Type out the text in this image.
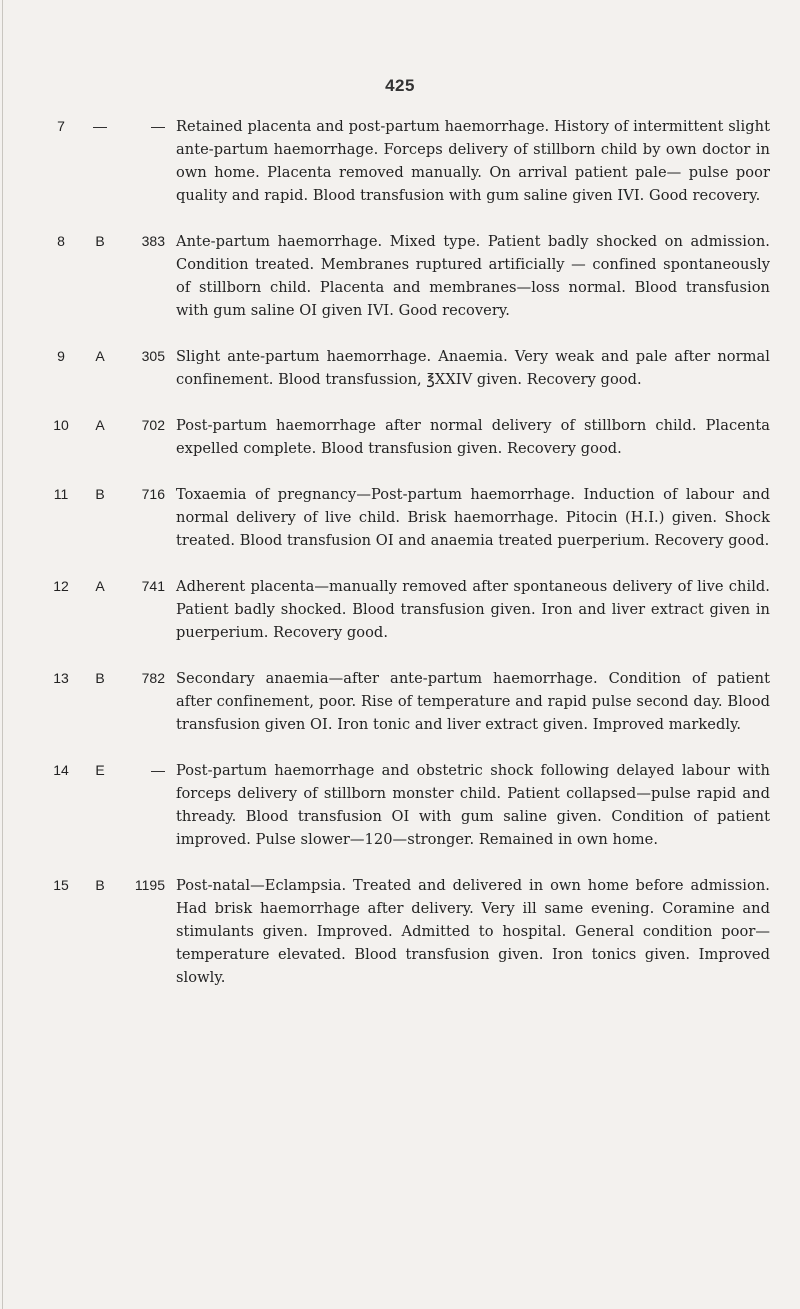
425
7	—	— Retained placenta and post-partum haemorrhage. History of intermittent slight ante-partum haemorrhage. Forceps delivery of stillborn child by own doctor in own home. Placenta removed manually. On arrival patient pale— pulse poor quality and rapid. Blood transfusion with gum saline given IVI. Good recovery.
8	B	383 Ante-partum haemorrhage. Mixed type. Patient badly shocked on admission. Condition treated. Membranes ruptured artificially — confined spontaneously of stillborn child. Placenta and membranes—loss normal. Blood transfusion with gum saline OI given IVI. Good recovery.
9	A	305 Slight ante-partum haemorrhage. Anaemia. Very weak and pale after normal confinement. Blood transfussion, ℥XXIV given. Recovery good.
10	A	702 Post-partum haemorrhage after normal delivery of stillborn child. Placenta expelled complete. Blood transfusion given. Recovery good.
11	B	716 Toxaemia of pregnancy—Post-partum haemorrhage. Induction of labour and normal delivery of live child. Brisk haemorrhage. Pitocin (H.I.) given. Shock treated. Blood transfusion OI and anaemia treated puerperium. Recovery good.
12	A	741 Adherent placenta—manually removed after spontaneous delivery of live child. Patient badly shocked. Blood transfusion given. Iron and liver extract given in puerperium. Recovery good.
13	B	782 Secondary anaemia—after ante-partum haemorrhage. Condition of patient after confinement, poor. Rise of temperature and rapid pulse second day. Blood transfusion given OI. Iron tonic and liver extract given. Improved markedly.
14	E	— Post-partum haemorrhage and obstetric shock following delayed labour with forceps delivery of stillborn monster child. Patient collapsed—pulse rapid and thready. Blood transfusion OI with gum saline given. Condition of patient improved. Pulse slower—120—stronger. Remained in own home.
15	B	1195 Post-natal—Eclampsia. Treated and delivered in own home before admission. Had brisk haemorrhage after delivery. Very ill same evening. Coramine and stimulants given. Improved. Admitted to hospital. General condition poor—temperature elevated. Blood transfusion given. Iron tonics given. Improved slowly.
